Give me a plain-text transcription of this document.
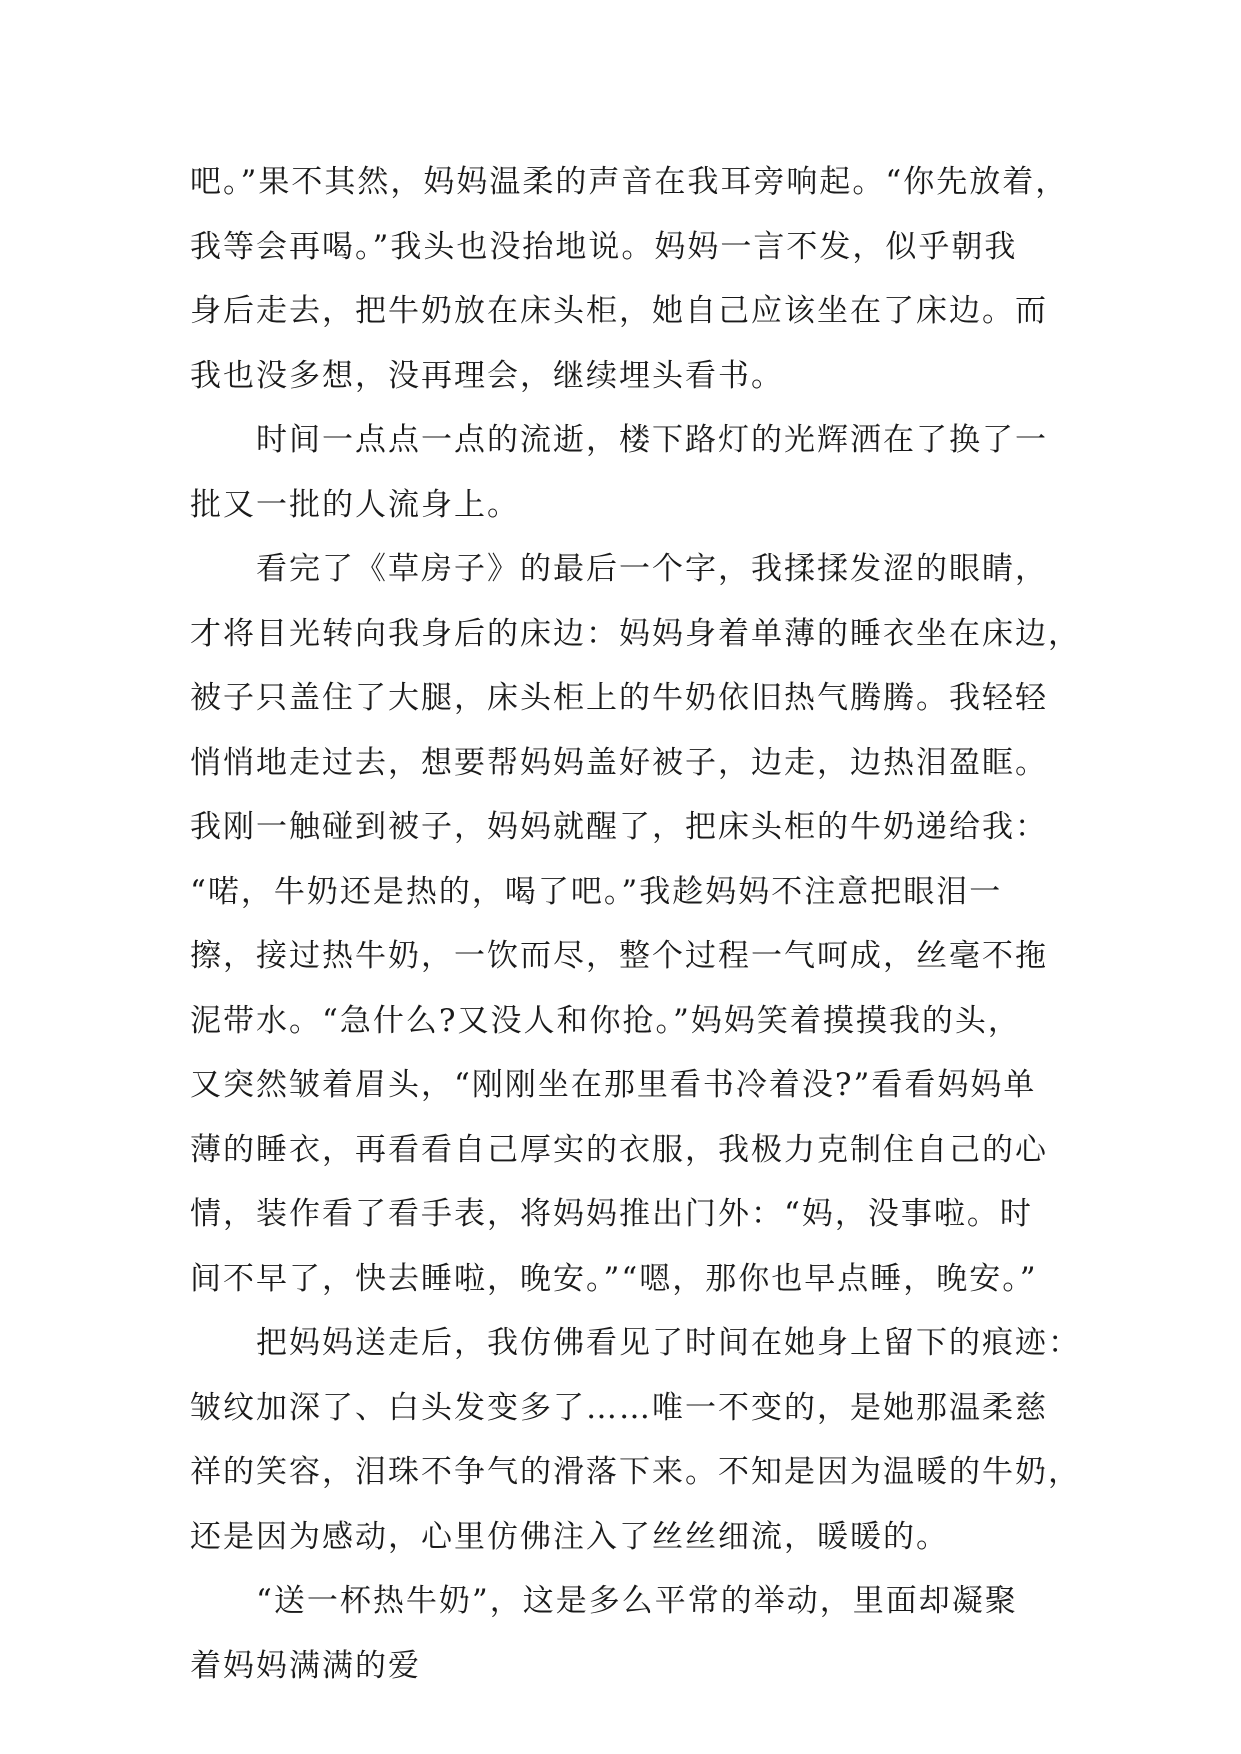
吧。”果不其然，妈妈温柔的声音在我耳旁响起。“你先放着，
我等会再喝。”我头也没抬地说。妈妈一言不发，似乎朝我
身后走去，把牛奶放在床头柜，她自己应该坐在了床边。而
我也没多想，没再理会，继续埋头看书。
时间一点点一点的流逝，楼下路灯的光辉洒在了换了一
批又一批的人流身上。
看完了《草房子》的最后一个字，我揉揉发涩的眼睛，
才将目光转向我身后的床边：妈妈身着单薄的睡衣坐在床边，
被子只盖住了大腿，床头柜上的牛奶依旧热气腾腾。我轻轻
悄悄地走过去，想要帮妈妈盖好被子，边走，边热泪盈眶。
我刚一触碰到被子，妈妈就醒了，把床头柜的牛奶递给我：
“喏，牛奶还是热的，喝了吧。”我趁妈妈不注意把眼泪一
擦，接过热牛奶，一饮而尽，整个过程一气呵成，丝毫不拖
泥带水。“急什么?又没人和你抢。”妈妈笑着摸摸我的头，
又突然皱着眉头，“刚刚坐在那里看书冷着没?”看看妈妈单
薄的睡衣，再看看自己厚实的衣服，我极力克制住自己的心
情，装作看了看手表，将妈妈推出门外：“妈，没事啦。时
间不早了，快去睡啦，晚安。”“嗯，那你也早点睡，晚安。”
把妈妈送走后，我仿佛看见了时间在她身上留下的痕迹：
皱纹加深了、白头发变多了……唯一不变的，是她那温柔慈
祥的笑容，泪珠不争气的滑落下来。不知是因为温暖的牛奶，
还是因为感动，心里仿佛注入了丝丝细流，暖暖的。
“送一杯热牛奶”，这是多么平常的举动，里面却凝聚
着妈妈满满的爱
